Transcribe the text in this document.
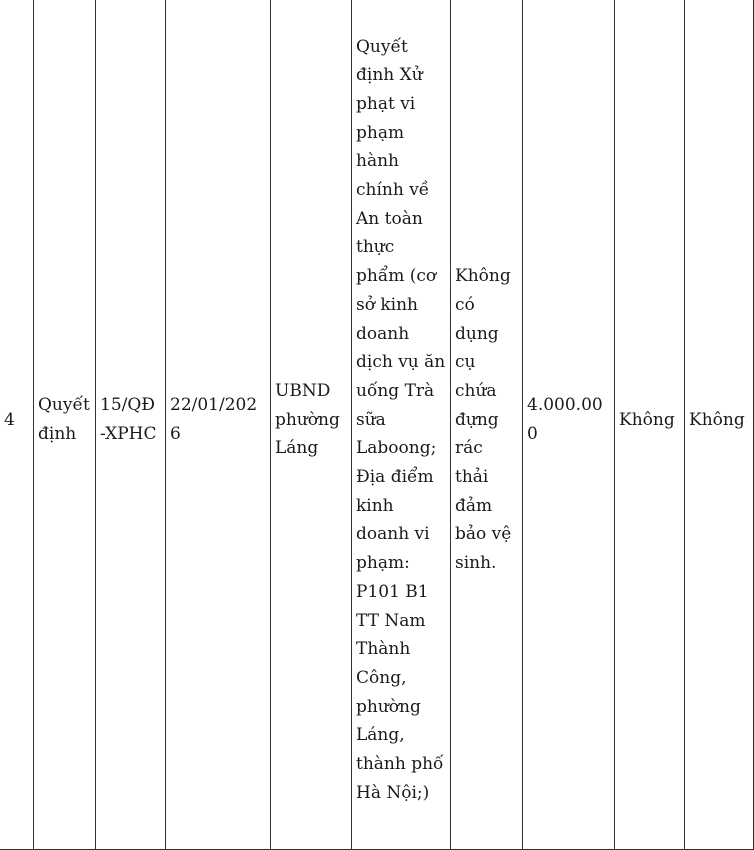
4

Quyết định

15/QĐ-XPHC

22/01/2026

UBND phường Láng

Quyết định Xử phạt vi phạm hành chính về An toàn thực phẩm (cơ sở kinh doanh dịch vụ ăn uống Trà sữa Laboong; Địa điểm kinh doanh vi phạm: P101 B1 TT Nam Thành Công, phường Láng, thành phố Hà Nội;)

Không có dụng cụ chứa đựng rác thải đảm bảo vệ sinh.

4.000.000

Không	Không
